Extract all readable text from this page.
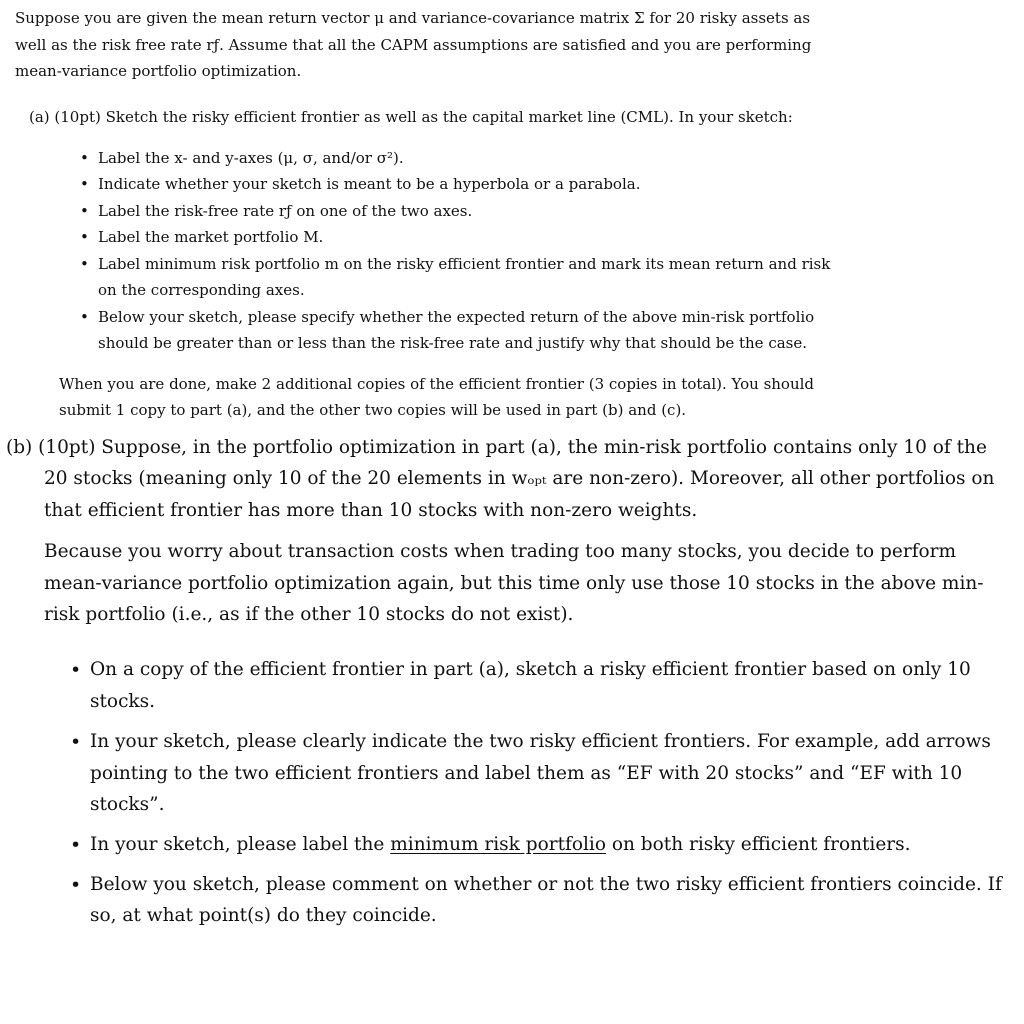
Suppose you are given the mean return vector μ and variance-covariance matrix Σ for 20 risky assets as
well as the risk free rate rƒ. Assume that all the CAPM assumptions are satisfied and you are performing
mean-variance portfolio optimization.
(a) (10pt) Sketch the risky efficient frontier as well as the capital market line (CML). In your sketch:
• Label the x- and y-axes (μ, σ, and/or σ²).
• Indicate whether your sketch is meant to be a hyperbola or a parabola.
• Label the risk-free rate rƒ on one of the two axes.
• Label the market portfolio M.
• Label minimum risk portfolio m on the risky efficient frontier and mark its mean return and risk
on the corresponding axes.
• Below your sketch, please specify whether the expected return of the above min-risk portfolio
should be greater than or less than the risk-free rate and justify why that should be the case.
When you are done, make 2 additional copies of the efficient frontier (3 copies in total). You should
submit 1 copy to part (a), and the other two copies will be used in part (b) and (c).
(b) (10pt) Suppose, in the portfolio optimization in part (a), the min-risk portfolio contains only 10 of the
20 stocks (meaning only 10 of the 20 elements in wₒₚₜ are non-zero). Moreover, all other portfolios on
that efficient frontier has more than 10 stocks with non-zero weights.
Because you worry about transaction costs when trading too many stocks, you decide to perform
mean-variance portfolio optimization again, but this time only use those 10 stocks in the above min-
risk portfolio (i.e., as if the other 10 stocks do not exist).
• On a copy of the efficient frontier in part (a), sketch a risky efficient frontier based on only 10
stocks.
• In your sketch, please clearly indicate the two risky efficient frontiers. For example, add arrows
pointing to the two efficient frontiers and label them as “EF with 20 stocks” and “EF with 10
stocks”.
• In your sketch, please label the minimum risk portfolio on both risky efficient frontiers.
• Below you sketch, please comment on whether or not the two risky efficient frontiers coincide. If
so, at what point(s) do they coincide.
